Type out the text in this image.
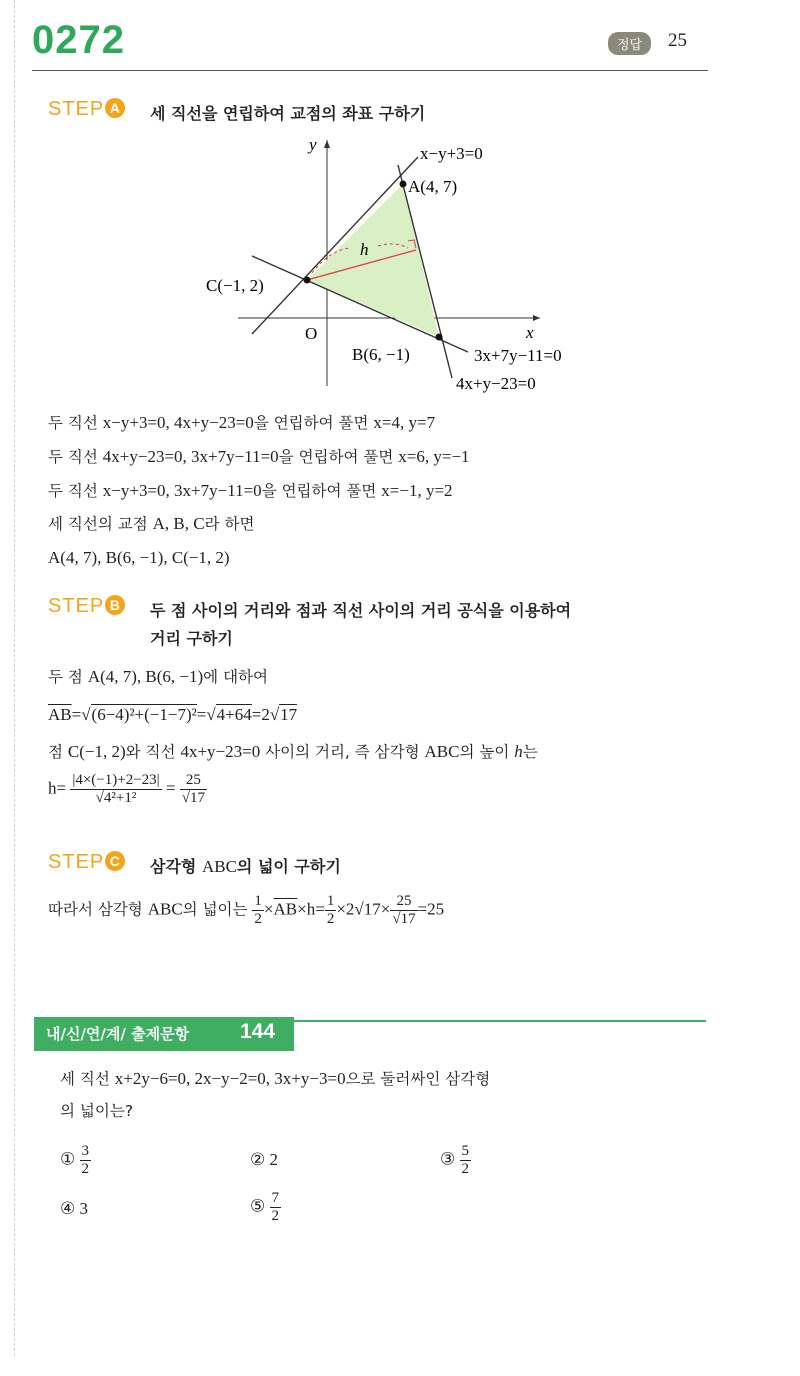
0272	정답	25
STEP A 세 직선을 연립하여 교점의 좌표 구하기
y
x
O
x−y+3=0
A(4, 7)
h
C(−1, 2)
B(6, −1)	3x+7y−11=0
4x+y−23=0
두 직선 x−y+3=0, 4x+y−23=0을 연립하여 풀면 x=4, y=7
두 직선 4x+y−23=0, 3x+7y−11=0을 연립하여 풀면 x=6, y=−1
두 직선 x−y+3=0, 3x+7y−11=0을 연립하여 풀면 x=−1, y=2
세 직선의 교점 A, B, C라 하면
A(4, 7), B(6, −1), C(−1, 2)
STEP B 두 점 사이의 거리와 점과 직선 사이의 거리 공식을 이용하여
거리 구하기
두 점 A(4, 7), B(6, −1)에 대하여
$\overline{AB}=√(6-4)^2+(-1-7)^2=√4+64=2√17$
점 C(−1, 2)와 직선 4x+y−23=0 사이의 거리, 즉 삼각형 ABC의 높이 h는
$h= \frac{|4\times(-1)+2-23|}{\text{√4²+1²}} = \frac{25}{√17}$
STEP C 삼각형 ABC의 넓이 구하기
따라서 삼각형 ABC의 넓이는 $\frac{1}{2} \times\overline{AB}\times h= \frac{1}{2} \times 2√17\times \frac{25}{√17} =25$
내/신/연/계/ 출제문항 144
세 직선 x+2y−6=0, 2x−y−2=0, 3x+y−3=0으로 둘러싸인 삼각형
의 넓이는?
① $\frac{3}{2}$	② 2	③ $\frac{5}{2}$
④ 3	⑤ $\frac{7}{2}$
